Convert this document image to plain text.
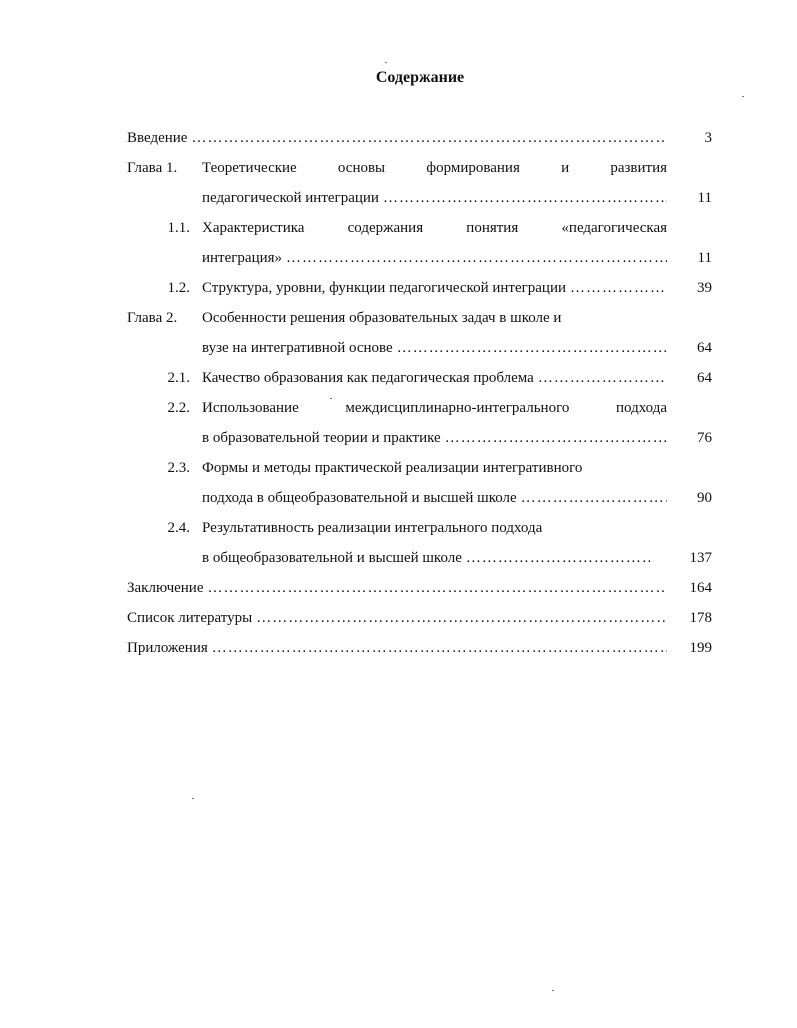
Содержание
Введение ……………………………………………………………………………………………………………………………………………………	3
Глава 1. Теоретические основы формирования и развития
педагогической интеграции ……………………………………………………………………………………………………………………………………………………	11
1.1. Характеристика содержания понятия «педагогическая
интеграция» ……………………………………………………………………………………………………………………………………………………	11
1.2. Структура, уровни, функции педагогической интеграции ……………………………………………………………………………………………………………………………………………………	39
Глава 2. Особенности решения образовательных задач в школе и
вузе на интегративной основе ……………………………………………………………………………………………………………………………………………………	64
2.1. Качество образования как педагогическая проблема ……………………………………………………………………………………………………………………………………………………	64
2.2. Использование междисциплинарно-интегрального подхода
в образовательной теории и практике ……………………………………………………………………………………………………………………………………………………	76
2.3. Формы и методы практической реализации интегративного
подхода в общеобразовательной и высшей школе ……………………………………………………………………………………………………………………………………………………	90
2.4. Результативность реализации интегрального подхода
в общеобразовательной и высшей школе ……………………………………………………………………………………………………………………………………………………	137
Заключение ……………………………………………………………………………………………………………………………………………………	164
Список литературы ……………………………………………………………………………………………………………………………………………………	178
Приложения ……………………………………………………………………………………………………………………………………………………	199
